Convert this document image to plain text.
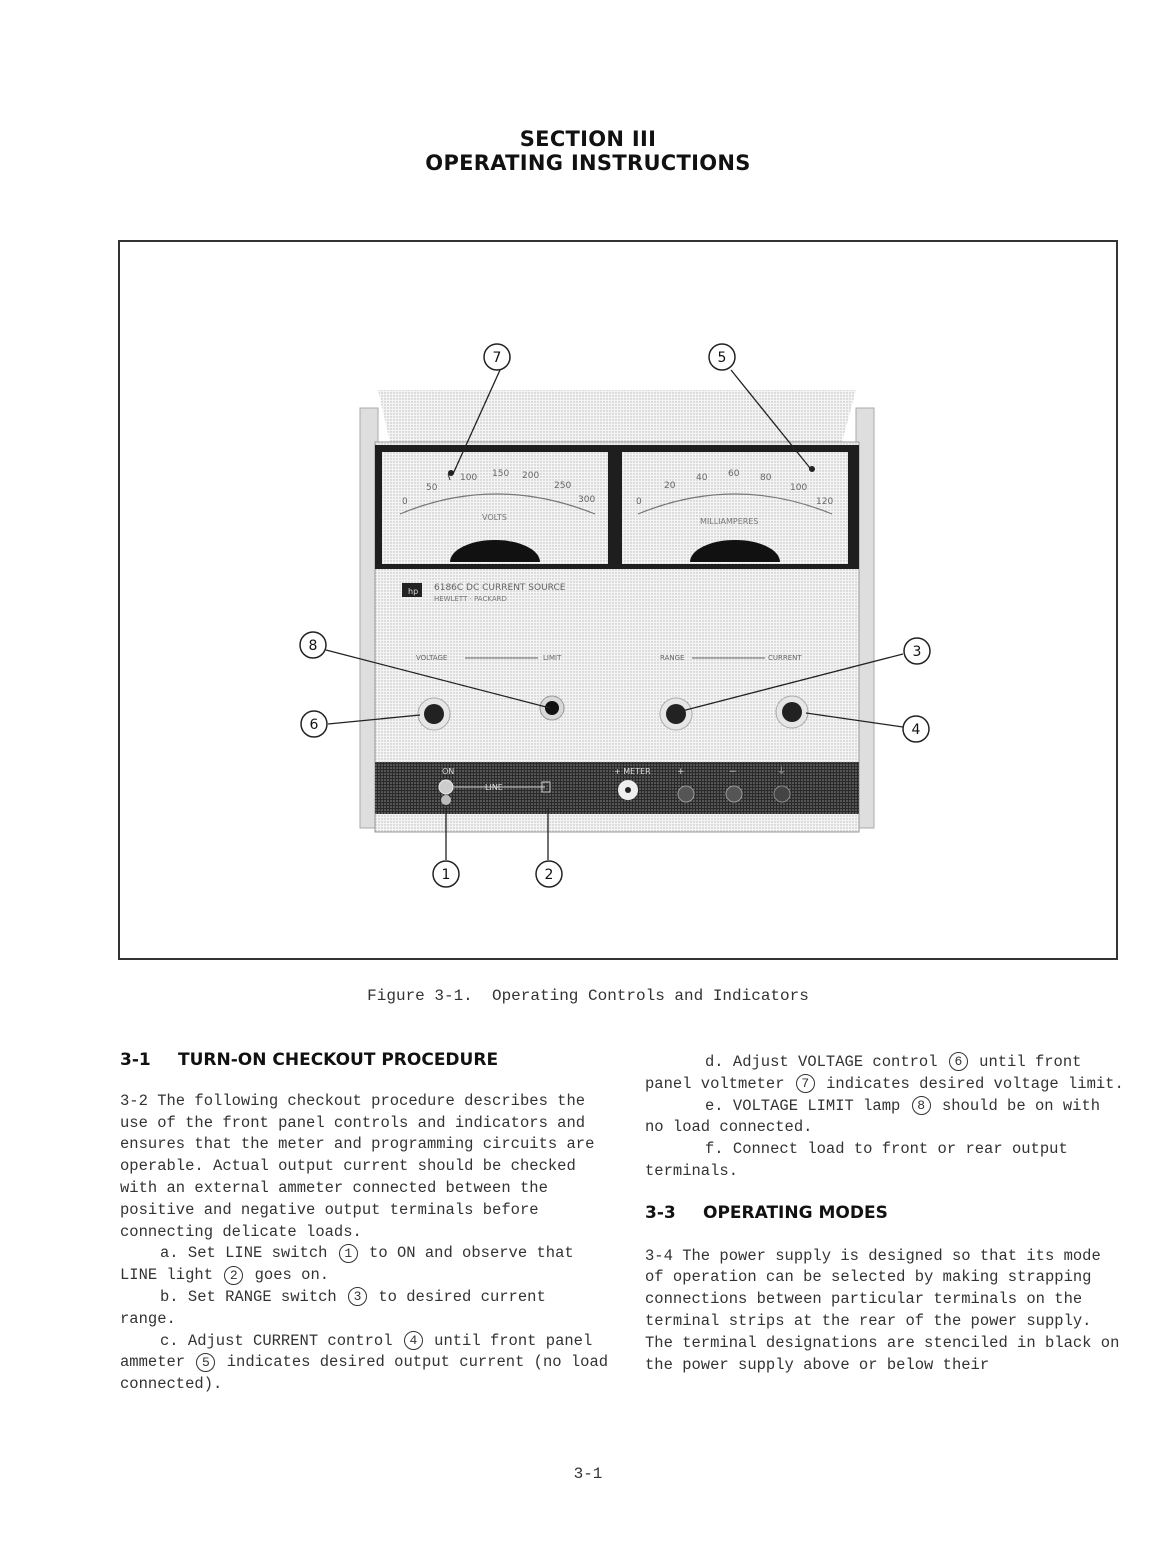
SECTION III
OPERATING INSTRUCTIONS
0
50
100 150 200
250
300
VOLTS
0
20
40 60 80
100
120
MILLIAMPERES
hp 6186C DC CURRENT SOURCE
HEWLETT · PACKARD
VOLTAGE	LIMIT	RANGE	CURRENT
ON
LINE
+ METER	+	−	⏚
7	5
8	3
6	4
1	2
Figure 3-1.  Operating Controls and Indicators

3-1 TURN-ON CHECKOUT PROCEDURE

3-2 The following checkout procedure describes the use of the front panel controls and indicators and ensures that the meter and programming circuits are operable. Actual output current should be checked with an external ammeter connected between the positive and negative output terminals before connecting delicate loads.

a. Set LINE switch 1 to ON and observe that LINE light 2 goes on.

b. Set RANGE switch 3 to desired current range.

c. Adjust CURRENT control 4 until front panel ammeter 5 indicates desired output current (no load connected).

d. Adjust VOLTAGE control 6 until front panel voltmeter 7 indicates desired voltage limit.

e. VOLTAGE LIMIT lamp 8 should be on with no load connected.

f. Connect load to front or rear output terminals.

3-3 OPERATING MODES

3-4 The power supply is designed so that its mode of operation can be selected by making strapping connections between particular terminals on the terminal strips at the rear of the power supply. The terminal designations are stenciled in black on the power supply above or below their

3-1
